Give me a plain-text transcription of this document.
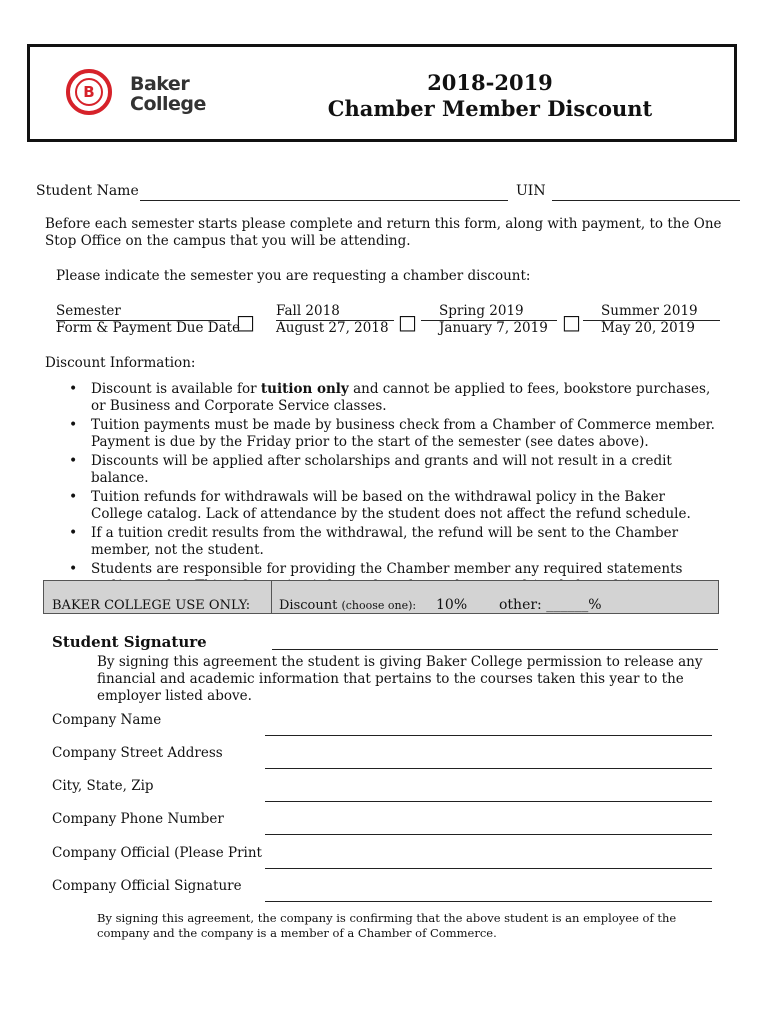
B	Baker
College
2018-2019
Chamber Member Discount
Student Name	UIN
Before each semester starts please complete and return this form, along with payment, to the One Stop Office on the campus that you will be attending.
Please indicate the semester you are requesting a chamber discount:
Semester
Form & Payment Due Date
□ Fall 2018
August 27, 2018 □ Spring 2019
January 7, 2019 □ Summer 2019
May 20, 2019
Discount Information:
• Discount is available for tuition only and cannot be applied to fees, bookstore purchases, or Business and Corporate Service classes.
• Tuition payments must be made by business check from a Chamber of Commerce member. Payment is due by the Friday prior to the start of the semester (see dates above).
• Discounts will be applied after scholarships and grants and will not result in a credit balance.
• Tuition refunds for withdrawals will be based on the withdrawal policy in the Baker College catalog. Lack of attendance by the student does not affect the refund schedule.
• If a tuition credit results from the withdrawal, the refund will be sent to the Chamber member, not the student.
• Students are responsible for providing the Chamber member any required statements
BAKER COLLEGE USE ONLY: Discount (choose one): 10% other: ______%
Student Signature
By signing this agreement the student is giving Baker College permission to release any financial and academic information that pertains to the courses taken this year to the employer listed above.
Company Name
Company Street Address
City, State, Zip
Company Phone Number
Company Official (Please Print
Company Official Signature
By signing this agreement, the company is confirming that the above student is an employee of the company and the company is a member of a Chamber of Commerce.
